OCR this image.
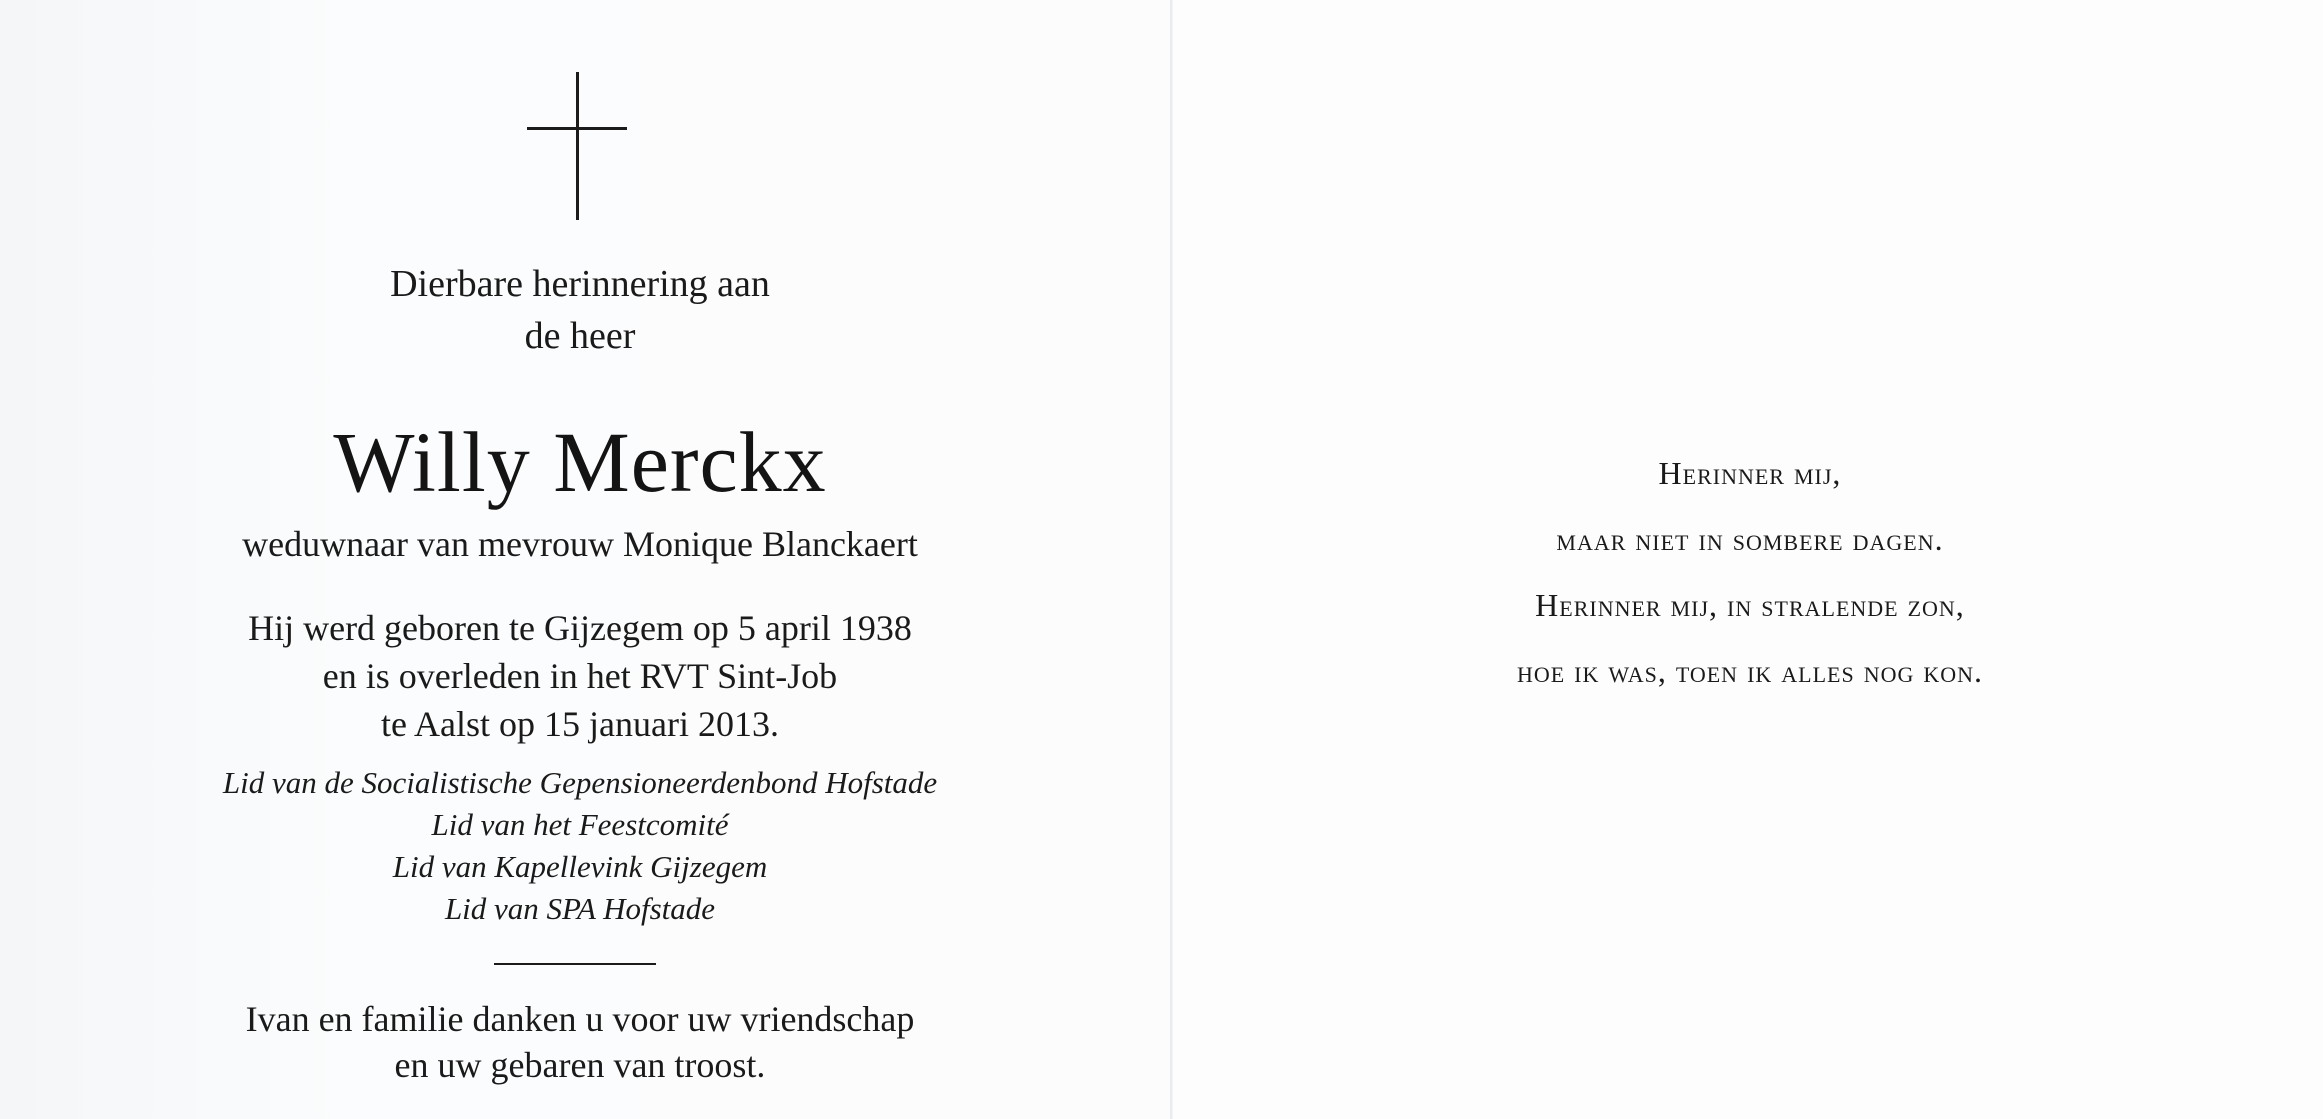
Dierbare herinnering aan
de heer
Willy Merckx
weduwnaar van mevrouw Monique Blanckaert
Hij werd geboren te Gijzegem op 5 april 1938
en is overleden in het RVT Sint-Job
te Aalst op 15 januari 2013.
Lid van de Socialistische Gepensioneerdenbond Hofstade
Lid van het Feestcomité
Lid van Kapellevink Gijzegem
Lid van SPA Hofstade
Ivan en familie danken u voor uw vriendschap
en uw gebaren van troost.
Herinner mij,
maar niet in sombere dagen.
Herinner mij, in stralende zon,
hoe ik was, toen ik alles nog kon.
